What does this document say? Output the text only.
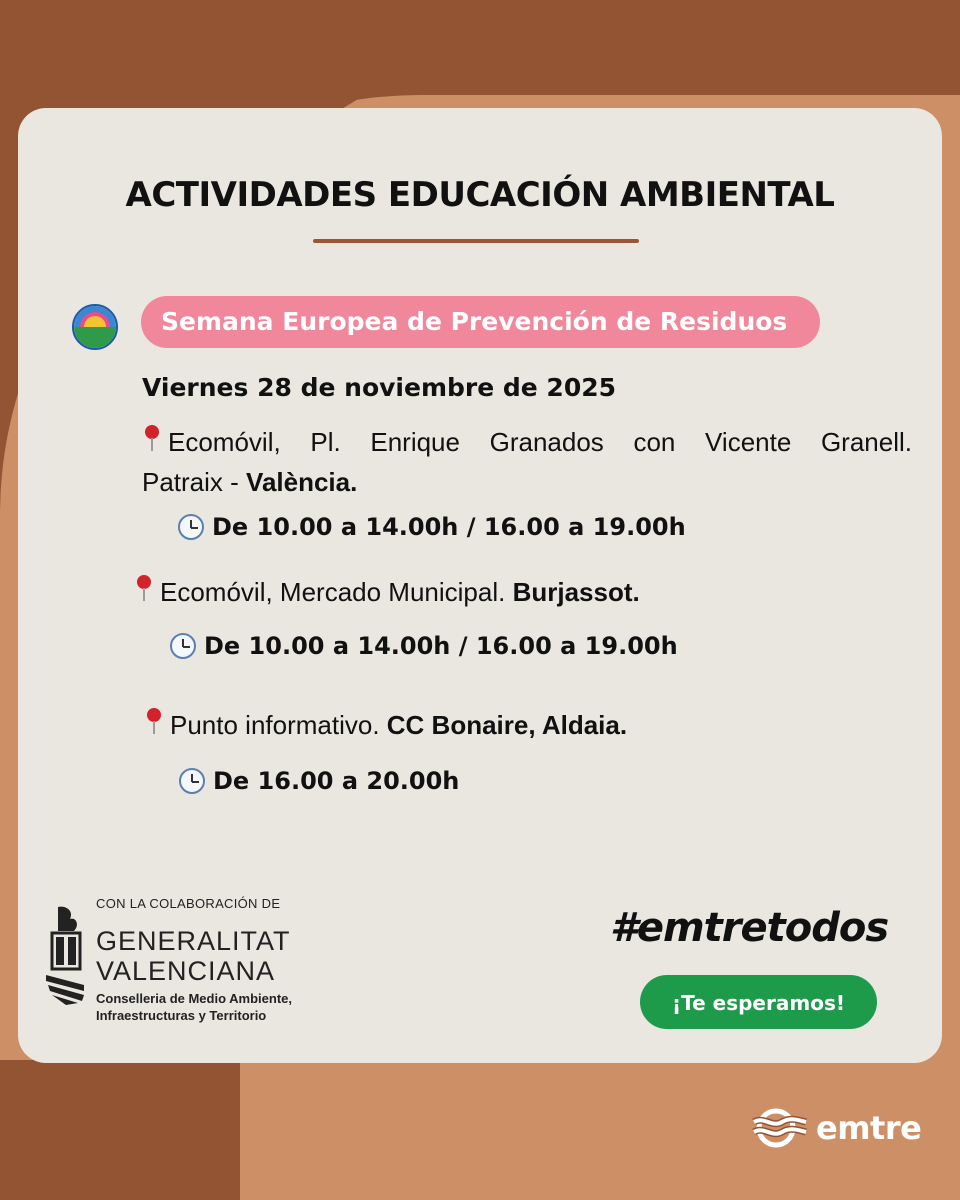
ACTIVIDADES EDUCACIÓN AMBIENTAL
Semana Europea de Prevención de Residuos
Viernes 28 de noviembre de 2025
Ecomóvil, Pl. Enrique Granados con Vicente Granell.
Patraix - València.
De 10.00 a 14.00h / 16.00 a 19.00h
Ecomóvil, Mercado Municipal. Burjassot.
De 10.00 a 14.00h / 16.00 a 19.00h
Punto informativo. CC Bonaire, Aldaia.
De 16.00 a 20.00h
CON LA COLABORACIÓN DE
GENERALITAT
VALENCIANA
Conselleria de Medio Ambiente,
Infraestructuras y Territorio
#emtretodos
¡Te esperamos!
emtre
